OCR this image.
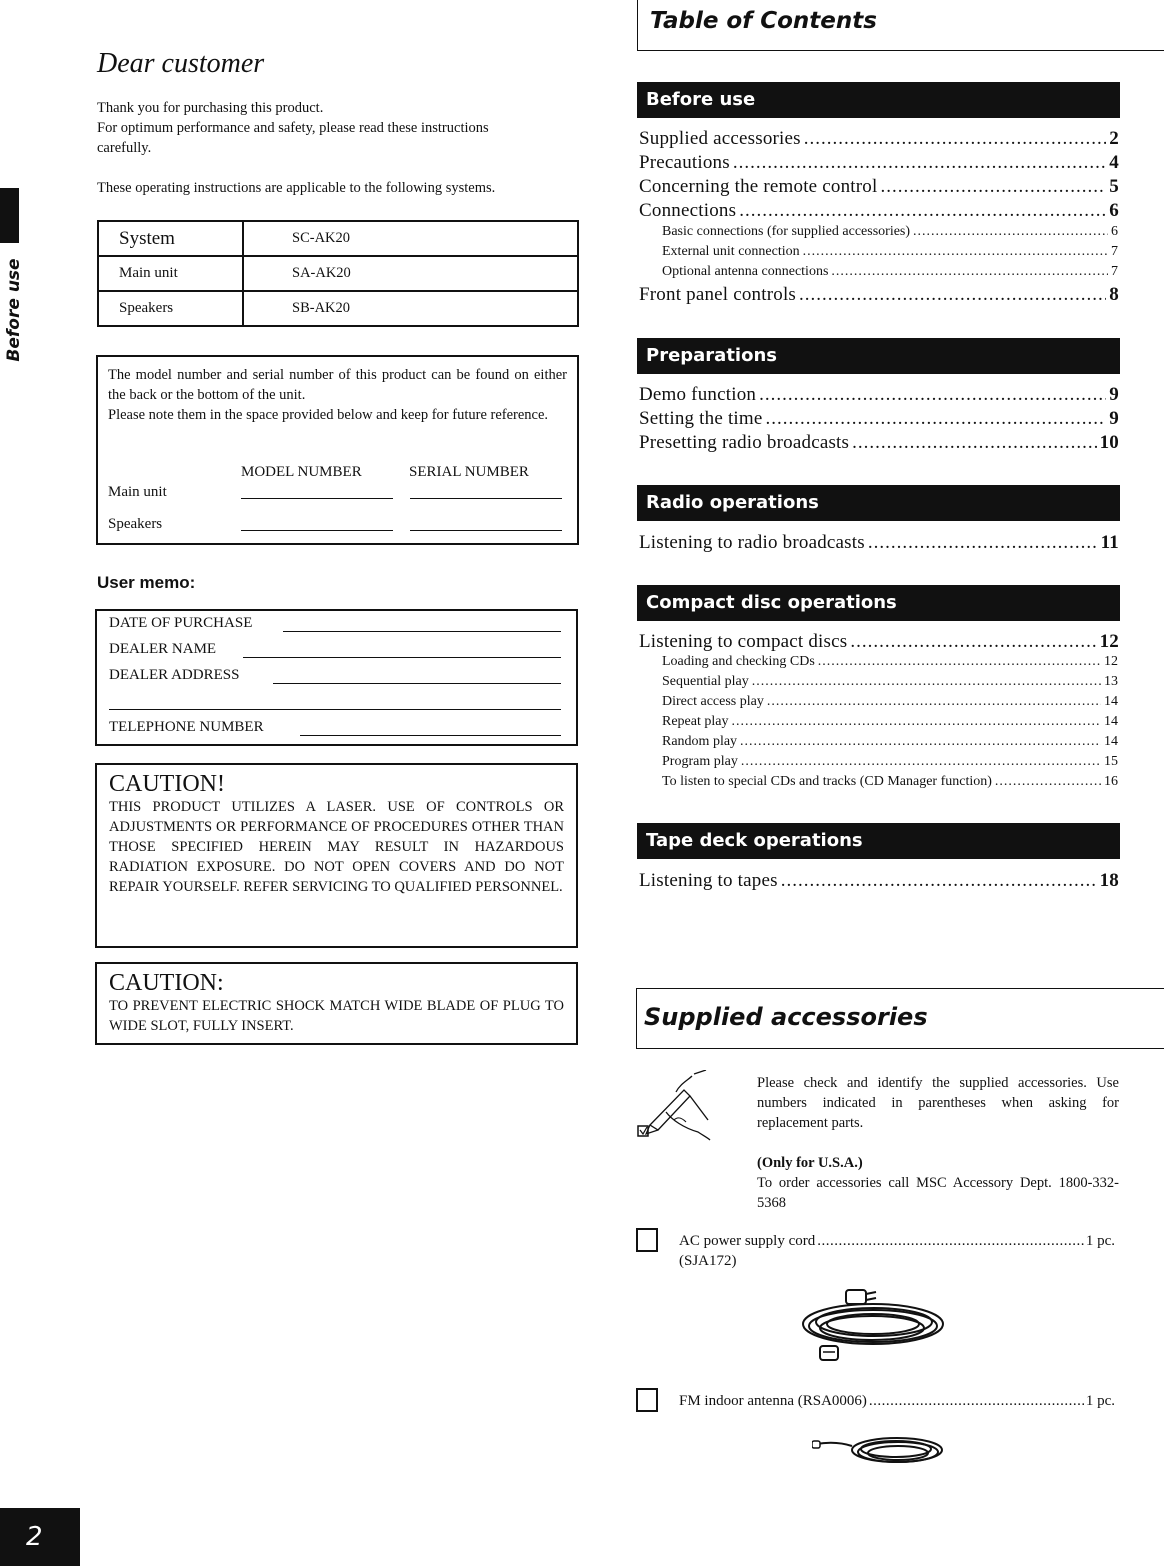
Before use
2
Dear customer
Thank you for purchasing this product.
For optimum performance and safety, please read these instructions
carefully.
These operating instructions are applicable to the following systems.
System	SC-AK20
Main unit	SA-AK20
Speakers	SB-AK20

The model number and serial number of this product can be found on either the back or the bottom of the unit.

Please note them in the space provided below and keep for future reference.

MODEL NUMBER	SERIAL NUMBER
Main unit
Speakers
User memo:
DATE OF PURCHASE
DEALER NAME
DEALER ADDRESS
TELEPHONE NUMBER
CAUTION!
THIS PRODUCT UTILIZES A LASER. USE OF CONTROLS OR ADJUSTMENTS OR PERFORMANCE OF PROCEDURES OTHER THAN THOSE SPECIFIED HEREIN MAY RESULT IN HAZARDOUS RADIATION EXPOSURE. DO NOT OPEN COVERS AND DO NOT REPAIR YOURSELF. REFER SERVICING TO QUALIFIED PERSONNEL.
CAUTION:
TO PREVENT ELECTRIC SHOCK MATCH WIDE BLADE OF PLUG TO WIDE SLOT, FULLY INSERT.
Table of Contents
Before use
Supplied accessories .....	2
Precautions .....	4
Concerning the remote control .....	5
Connections .....	6
Basic connections (for supplied accessories) .....	6
External unit connection .....	7
Optional antenna connections .....	7
Front panel controls .....	8
Preparations
Demo function .....	9
Setting the time .....	9
Presetting radio broadcasts .....	10
Radio operations
Listening to radio broadcasts .....	11
Compact disc operations
Listening to compact discs .....	12
Loading and checking CDs .....	12
Sequential play .....	13
Direct access play .....	14
Repeat play .....	14
Random play .....	14
Program play .....	15
To listen to special CDs and tracks (CD Manager function) .....	16
Tape deck operations
Listening to tapes .....	18
Supplied accessories
Please check and identify the supplied accessories. Use numbers indicated in parentheses when asking for replacement parts.
(Only for U.S.A.)
To order accessories call MSC Accessory Dept. 1800-332-5368
AC power supply cord .....	1 pc.
(SJA172)
FM indoor antenna (RSA0006) .....	1 pc.
